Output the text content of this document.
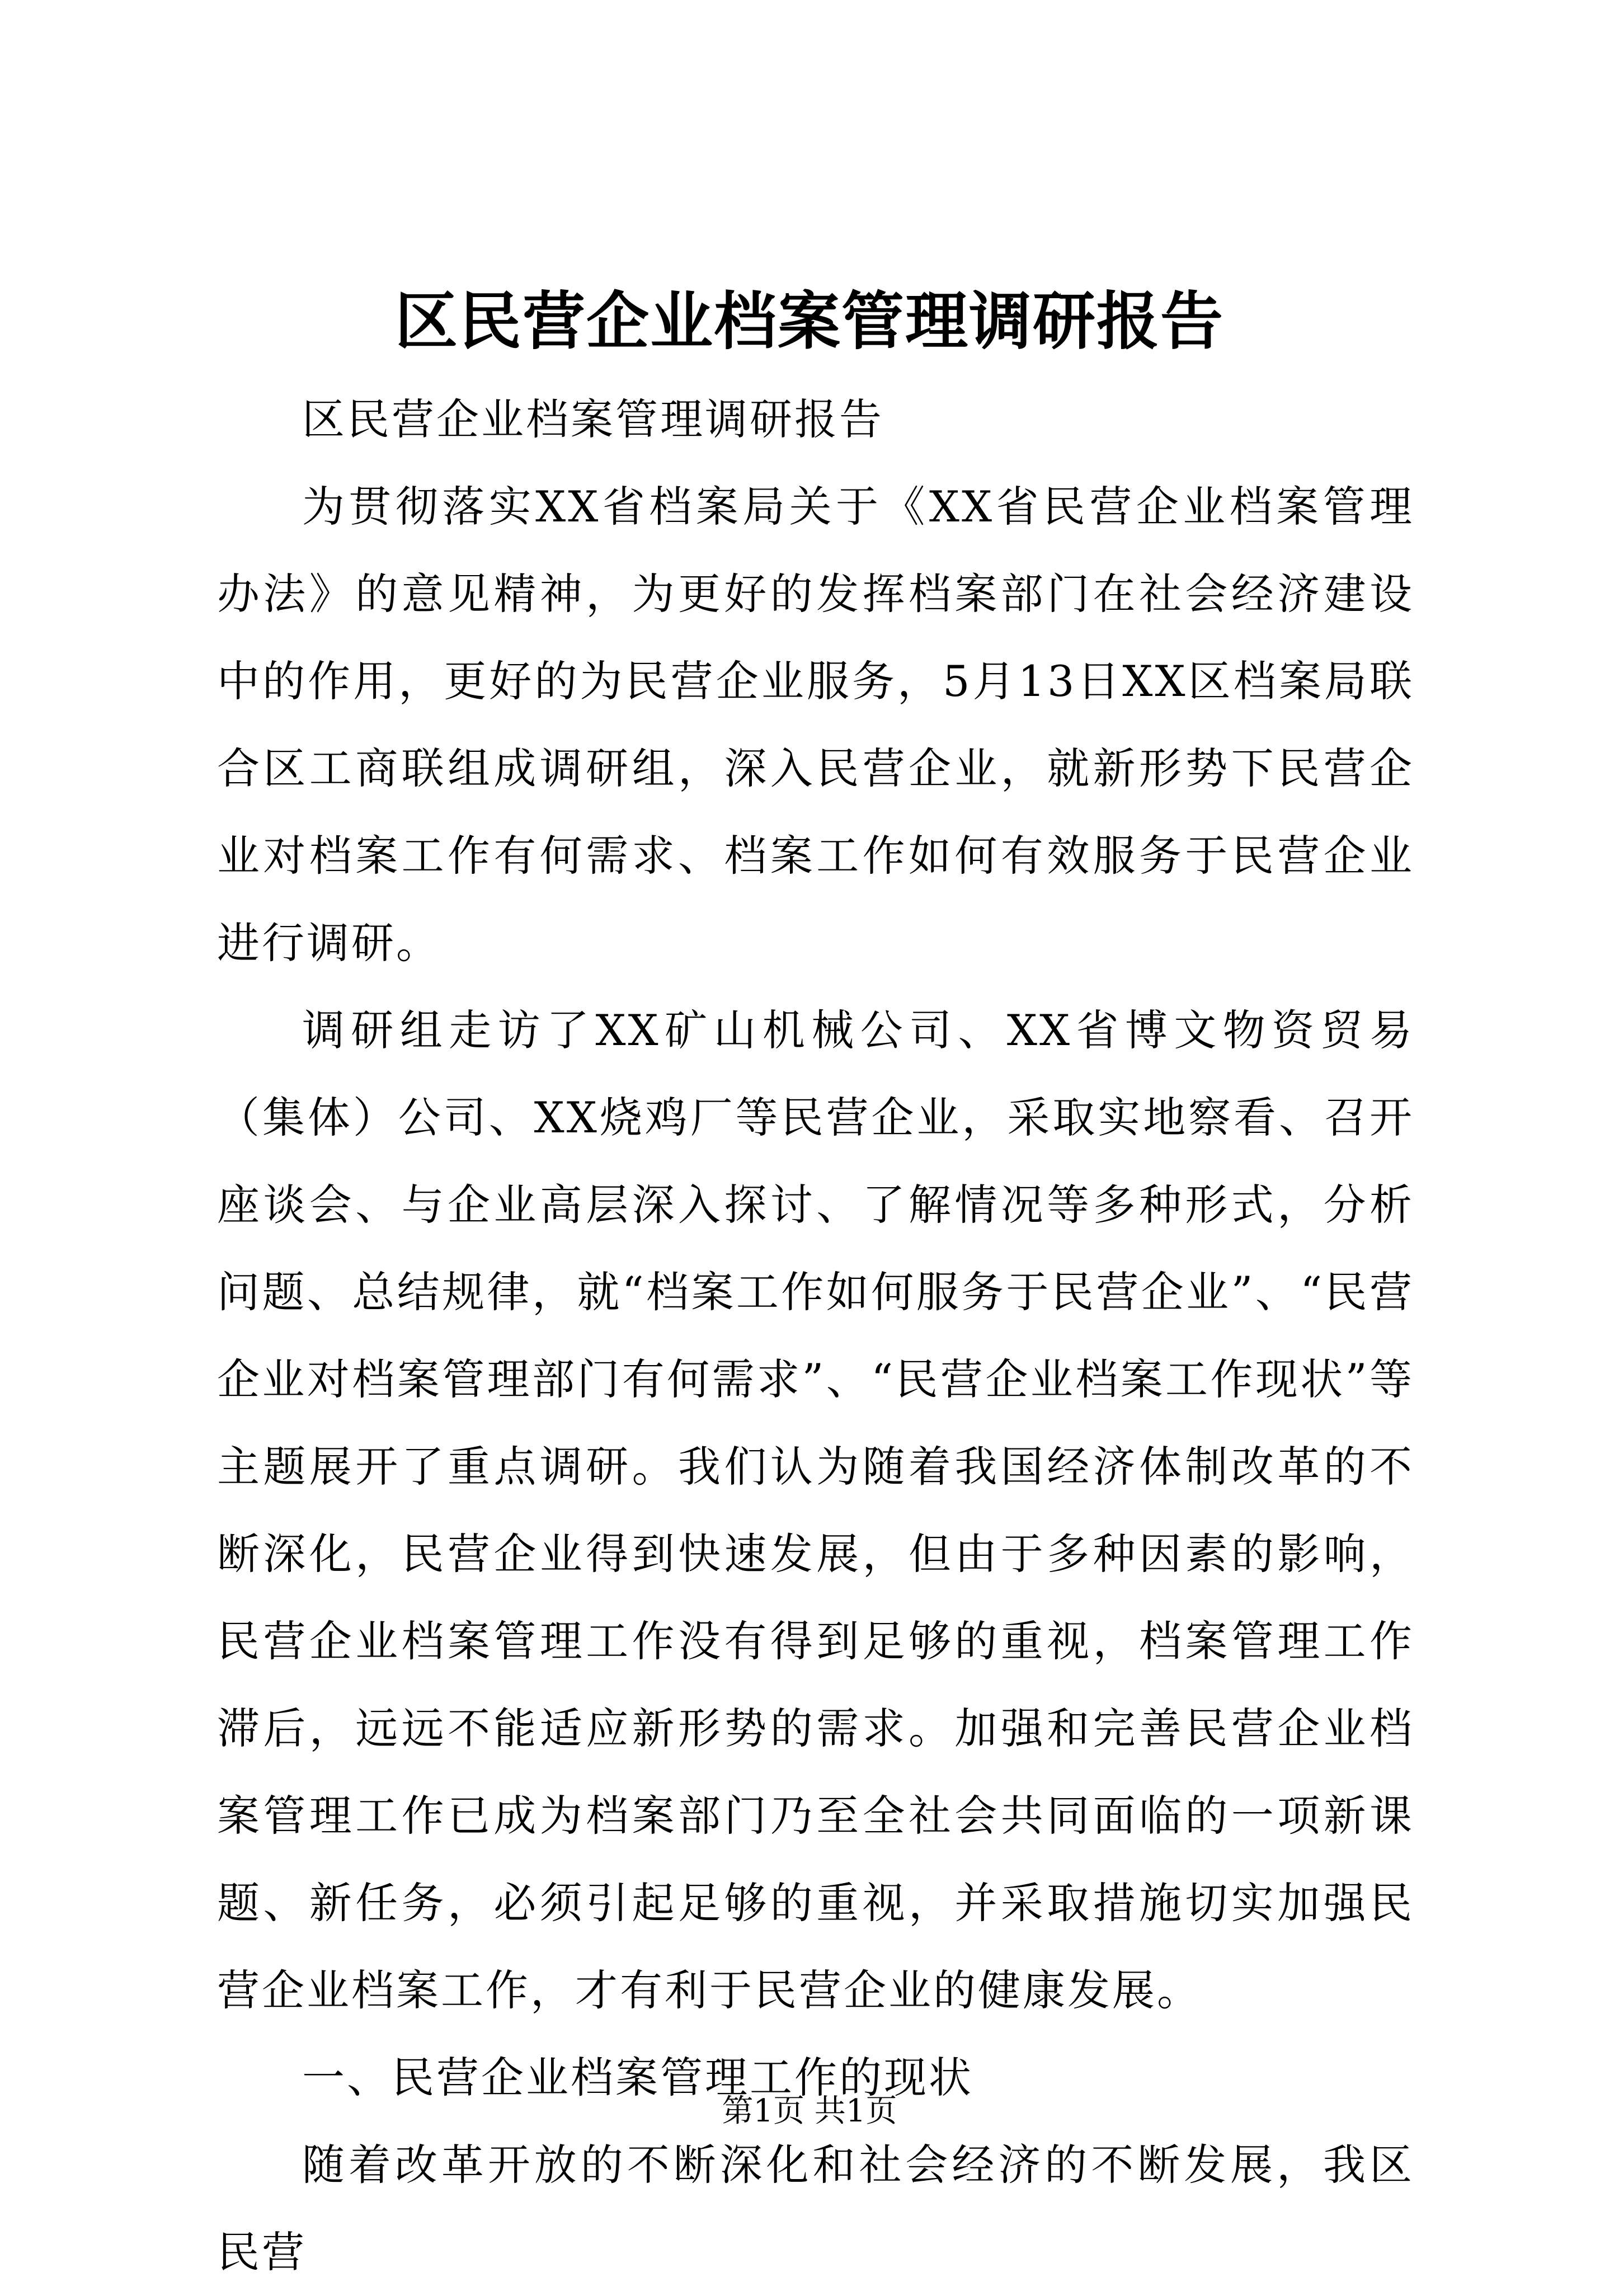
区民营企业档案管理调研报告

区民营企业档案管理调研报告

为贯彻落实XX省档案局关于《XX省民营企业档案管理办法》的意见精神，为更好的发挥档案部门在社会经济建设中的作用，更好的为民营企业服务，5月13日XX区档案局联合区工商联组成调研组，深入民营企业，就新形势下民营企业对档案工作有何需求、档案工作如何有效服务于民营企业进行调研。

调研组走访了XX矿山机械公司、XX省博文物资贸易（集体）公司、XX烧鸡厂等民营企业，采取实地察看、召开座谈会、与企业高层深入探讨、了解情况等多种形式，分析问题、总结规律，就“档案工作如何服务于民营企业”、“民营企业对档案管理部门有何需求”、“民营企业档案工作现状”等主题展开了重点调研。我们认为随着我国经济体制改革的不断深化，民营企业得到快速发展，但由于多种因素的影响，民营企业档案管理工作没有得到足够的重视，档案管理工作滞后，远远不能适应新形势的需求。加强和完善民营企业档案管理工作已成为档案部门乃至全社会共同面临的一项新课题、新任务，必须引起足够的重视，并采取措施切实加强民营企业档案工作，才有利于民营企业的健康发展。

一、民营企业档案管理工作的现状

随着改革开放的不断深化和社会经济的不断发展，我区民营

第1页 共1页
